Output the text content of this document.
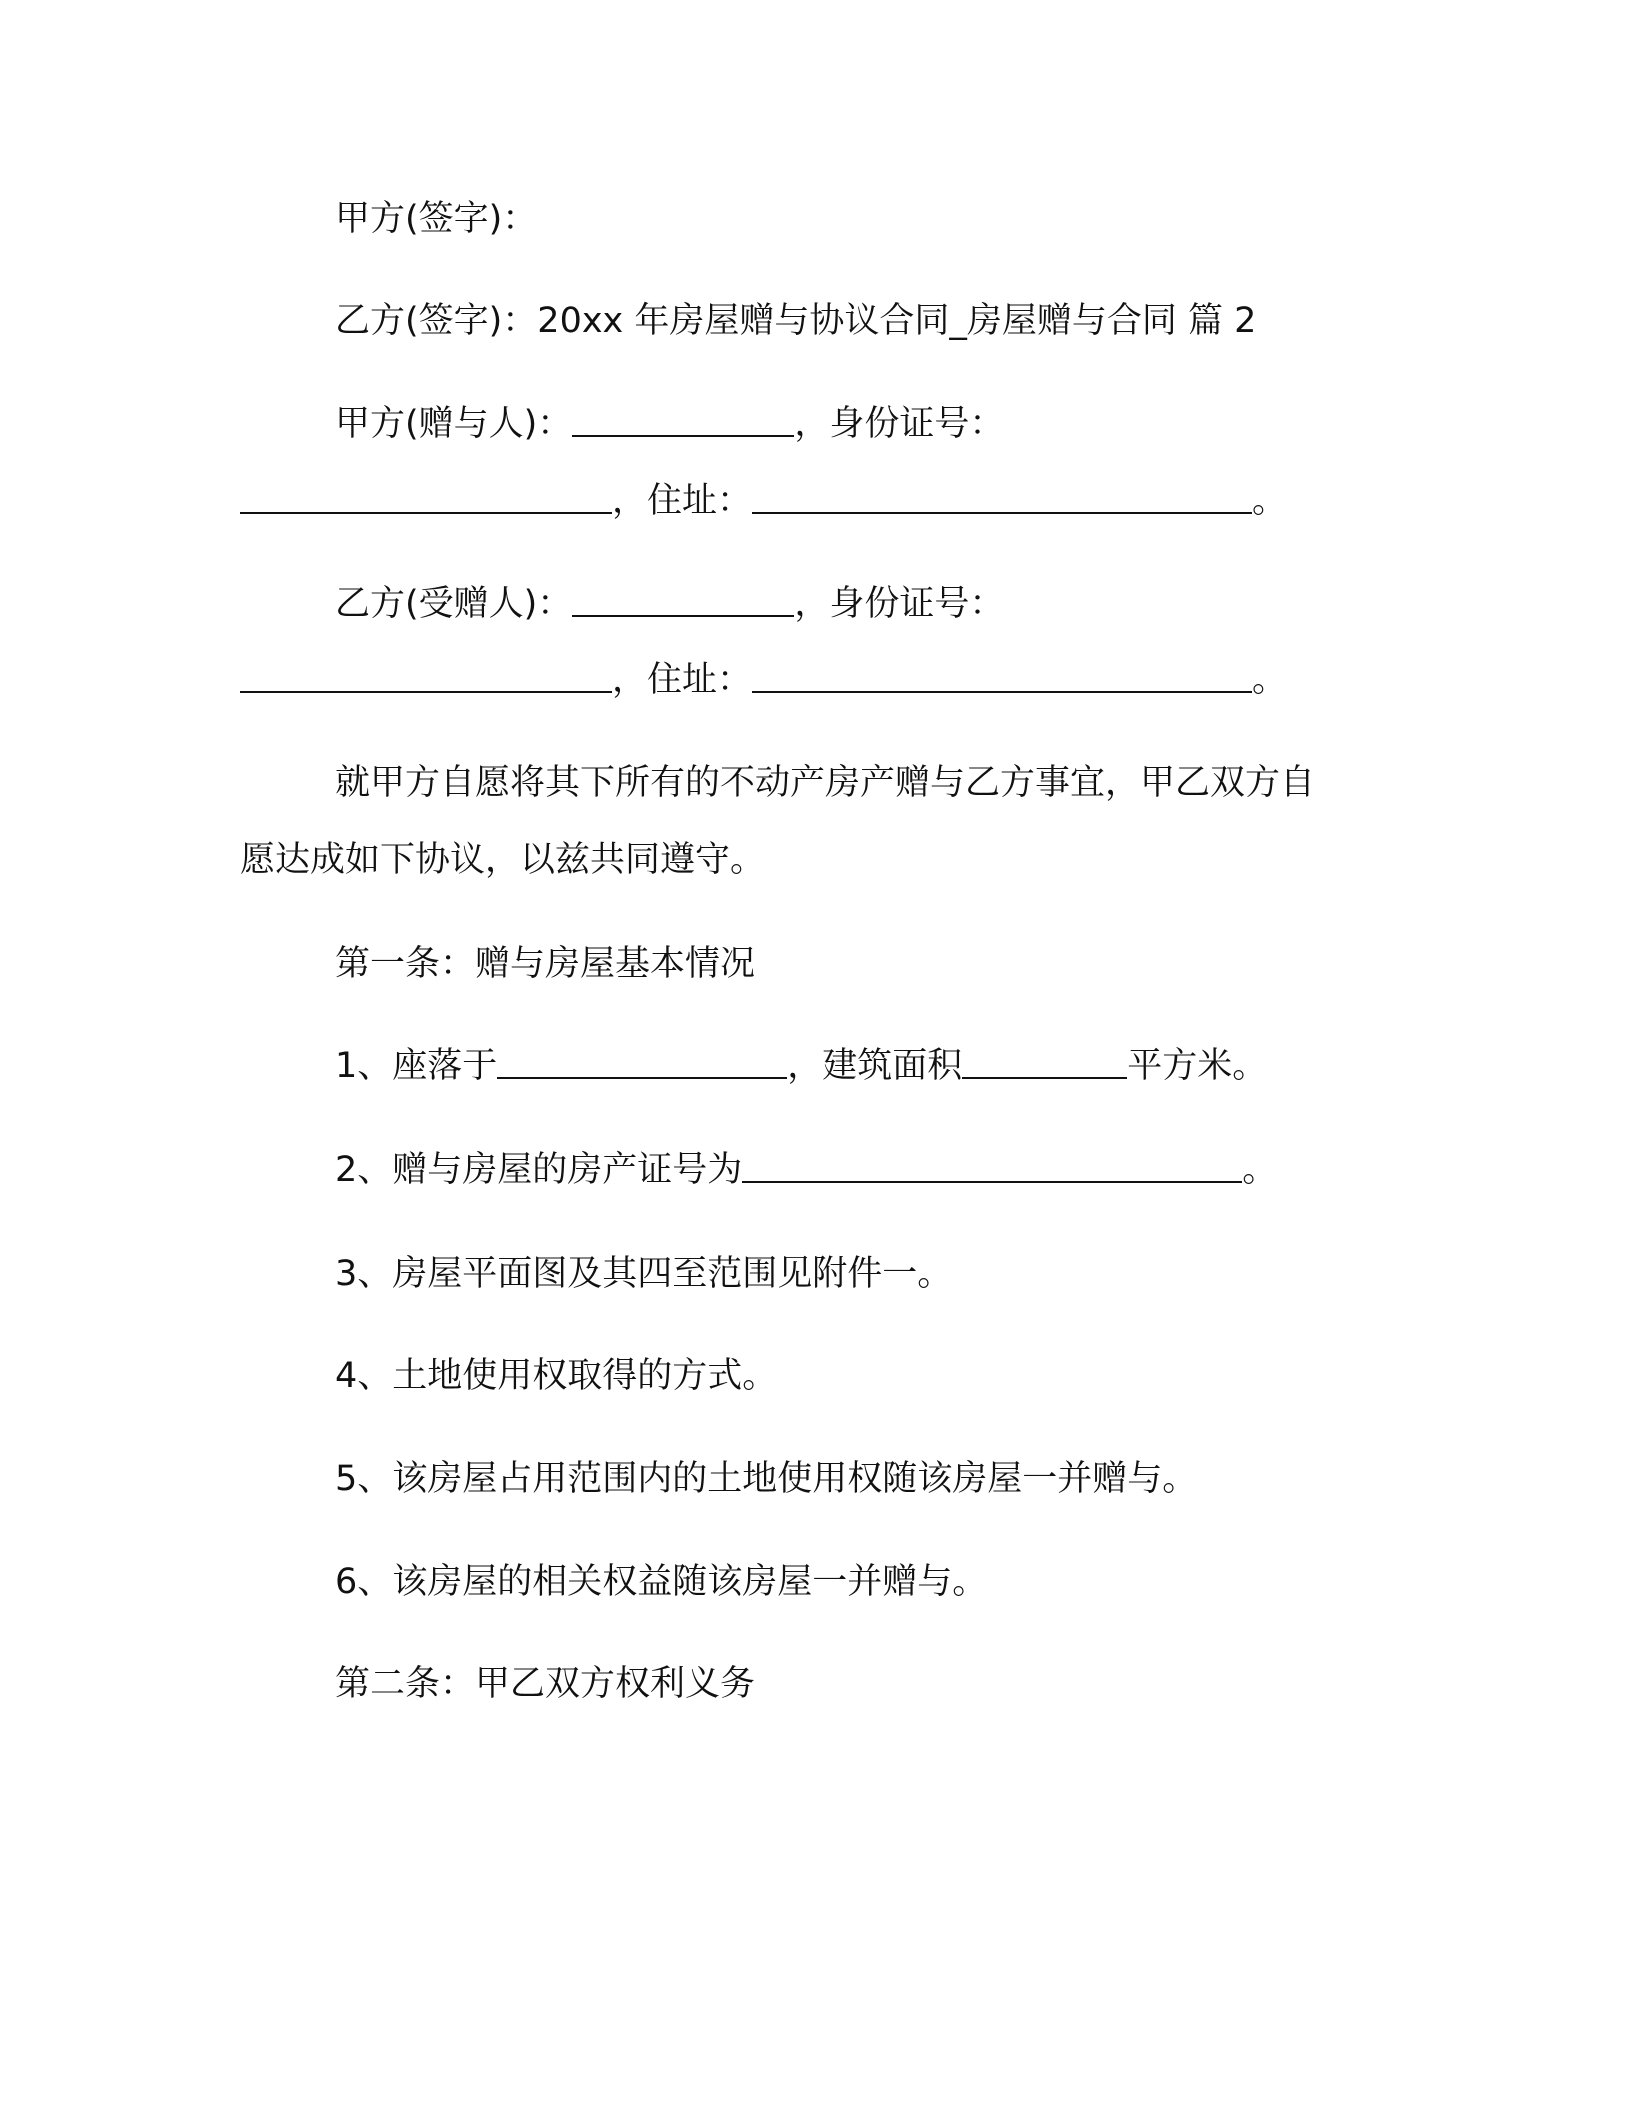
甲方(签字)：
乙方(签字)：20xx 年房屋赠与协议合同_房屋赠与合同 篇 2
甲方(赠与人)：	，身份证号：
，住址：	。
乙方(受赠人)：	，身份证号：
，住址：	。
就甲方自愿将其下所有的不动产房产赠与乙方事宜，甲乙双方自
愿达成如下协议，以兹共同遵守。
第一条：赠与房屋基本情况
1、座落于	，建筑面积	平方米。
2、赠与房屋的房产证号为	。
3、房屋平面图及其四至范围见附件一。
4、土地使用权取得的方式。
5、该房屋占用范围内的土地使用权随该房屋一并赠与。
6、该房屋的相关权益随该房屋一并赠与。
第二条：甲乙双方权利义务
